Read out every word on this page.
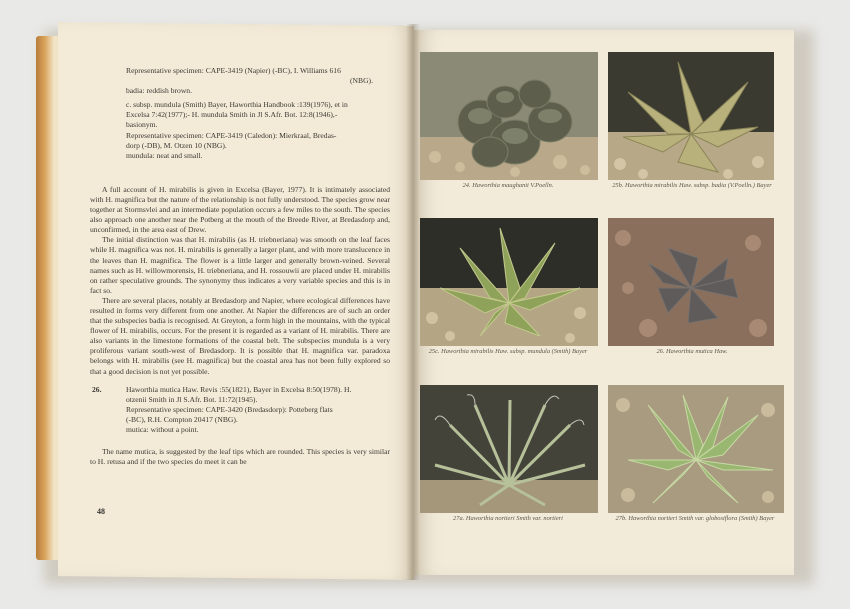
Representative specimen: CAPE-3419 (Napier) (-BC), I. Williams 616

(NBG).

badia: reddish brown.

c. subsp. mundula (Smith) Bayer, Haworthia Handbook :139(1976), et in

Excelsa 7:42(1977);- H. mundula Smith in Jl S.Afr. Bot. 12:8(1946),-

basionym.

Representative specimen: CAPE-3419 (Caledon): Mierkraal, Bredas-

dorp (-DB), M. Otzen 10 (NBG).

mundula: neat and small.

A full account of H. mirabilis is given in Excelsa (Bayer, 1977). It is intimately associated with H. magnifica but the nature of the relationship is not fully understood. The species grow near together at Stormsvlei and an intermediate population occurs a few miles to the south. The species also approach one another near the Potberg at the mouth of the Breede River, at Bredasdorp and, unconfirmed, in the area east of Drew.

The initial distinction was that H. mirabilis (as H. triebneriana) was smooth on the leaf faces while H. magnifica was not. H. mirabilis is generally a larger plant, and with more translucence in the leaves than H. magnifica. The flower is a little larger and generally brown-veined. Several names such as H. willowmorensis, H. triebneriana, and H. rossouwii are placed under H. mirabilis on rather speculative grounds. The synonymy thus indicates a very variable species and this is in fact so.

There are several places, notably at Bredasdorp and Napier, where ecological differences have resulted in forms very different from one another. At Napier the differences are of such an order that the subspecies badia is recognised. At Greyton, a form high in the mountains, with the typical flower of H. mirabilis, occurs. For the present it is regarded as a variant of H. mirabilis. There are also variants in the limestone formations of the coastal belt. The subspecies mundula is a very proliferous variant south-west of Bredasdorp. It is possible that H. magnifica var. paradoxa belongs with H. mirabilis (see H. magnifica) but the coastal area has not been fully explored so that a good decision is not yet possible.

26.	Haworthia mutica Haw. Revis :55(1821), Bayer in Excelsa 8:50(1978). H.

otzenii Smith in Jl S.Afr. Bot. 11:72(1945).

Representative specimen: CAPE-3420 (Bredasdorp): Potteberg flats

(-BC), R.H. Compton 20417 (NBG).

mutica: without a point.

The name mutica, is suggested by the leaf tips which are rounded. This species is very similar to H. retusa and if the two species do meet it can be

48
24. Haworthia maughanii V.Poelln.	25b. Haworthia mirabilis Haw. subsp. badia (V.Poelln.) Bayer
25c. Haworthia mirabilis Haw. subsp. mundula (Smith) Bayer	26. Haworthia mutica Haw.
27a. Haworthia nortieri Smith var. nortieri	27b. Haworthia nortieri Smith var. globosiflora (Smith) Bayer
